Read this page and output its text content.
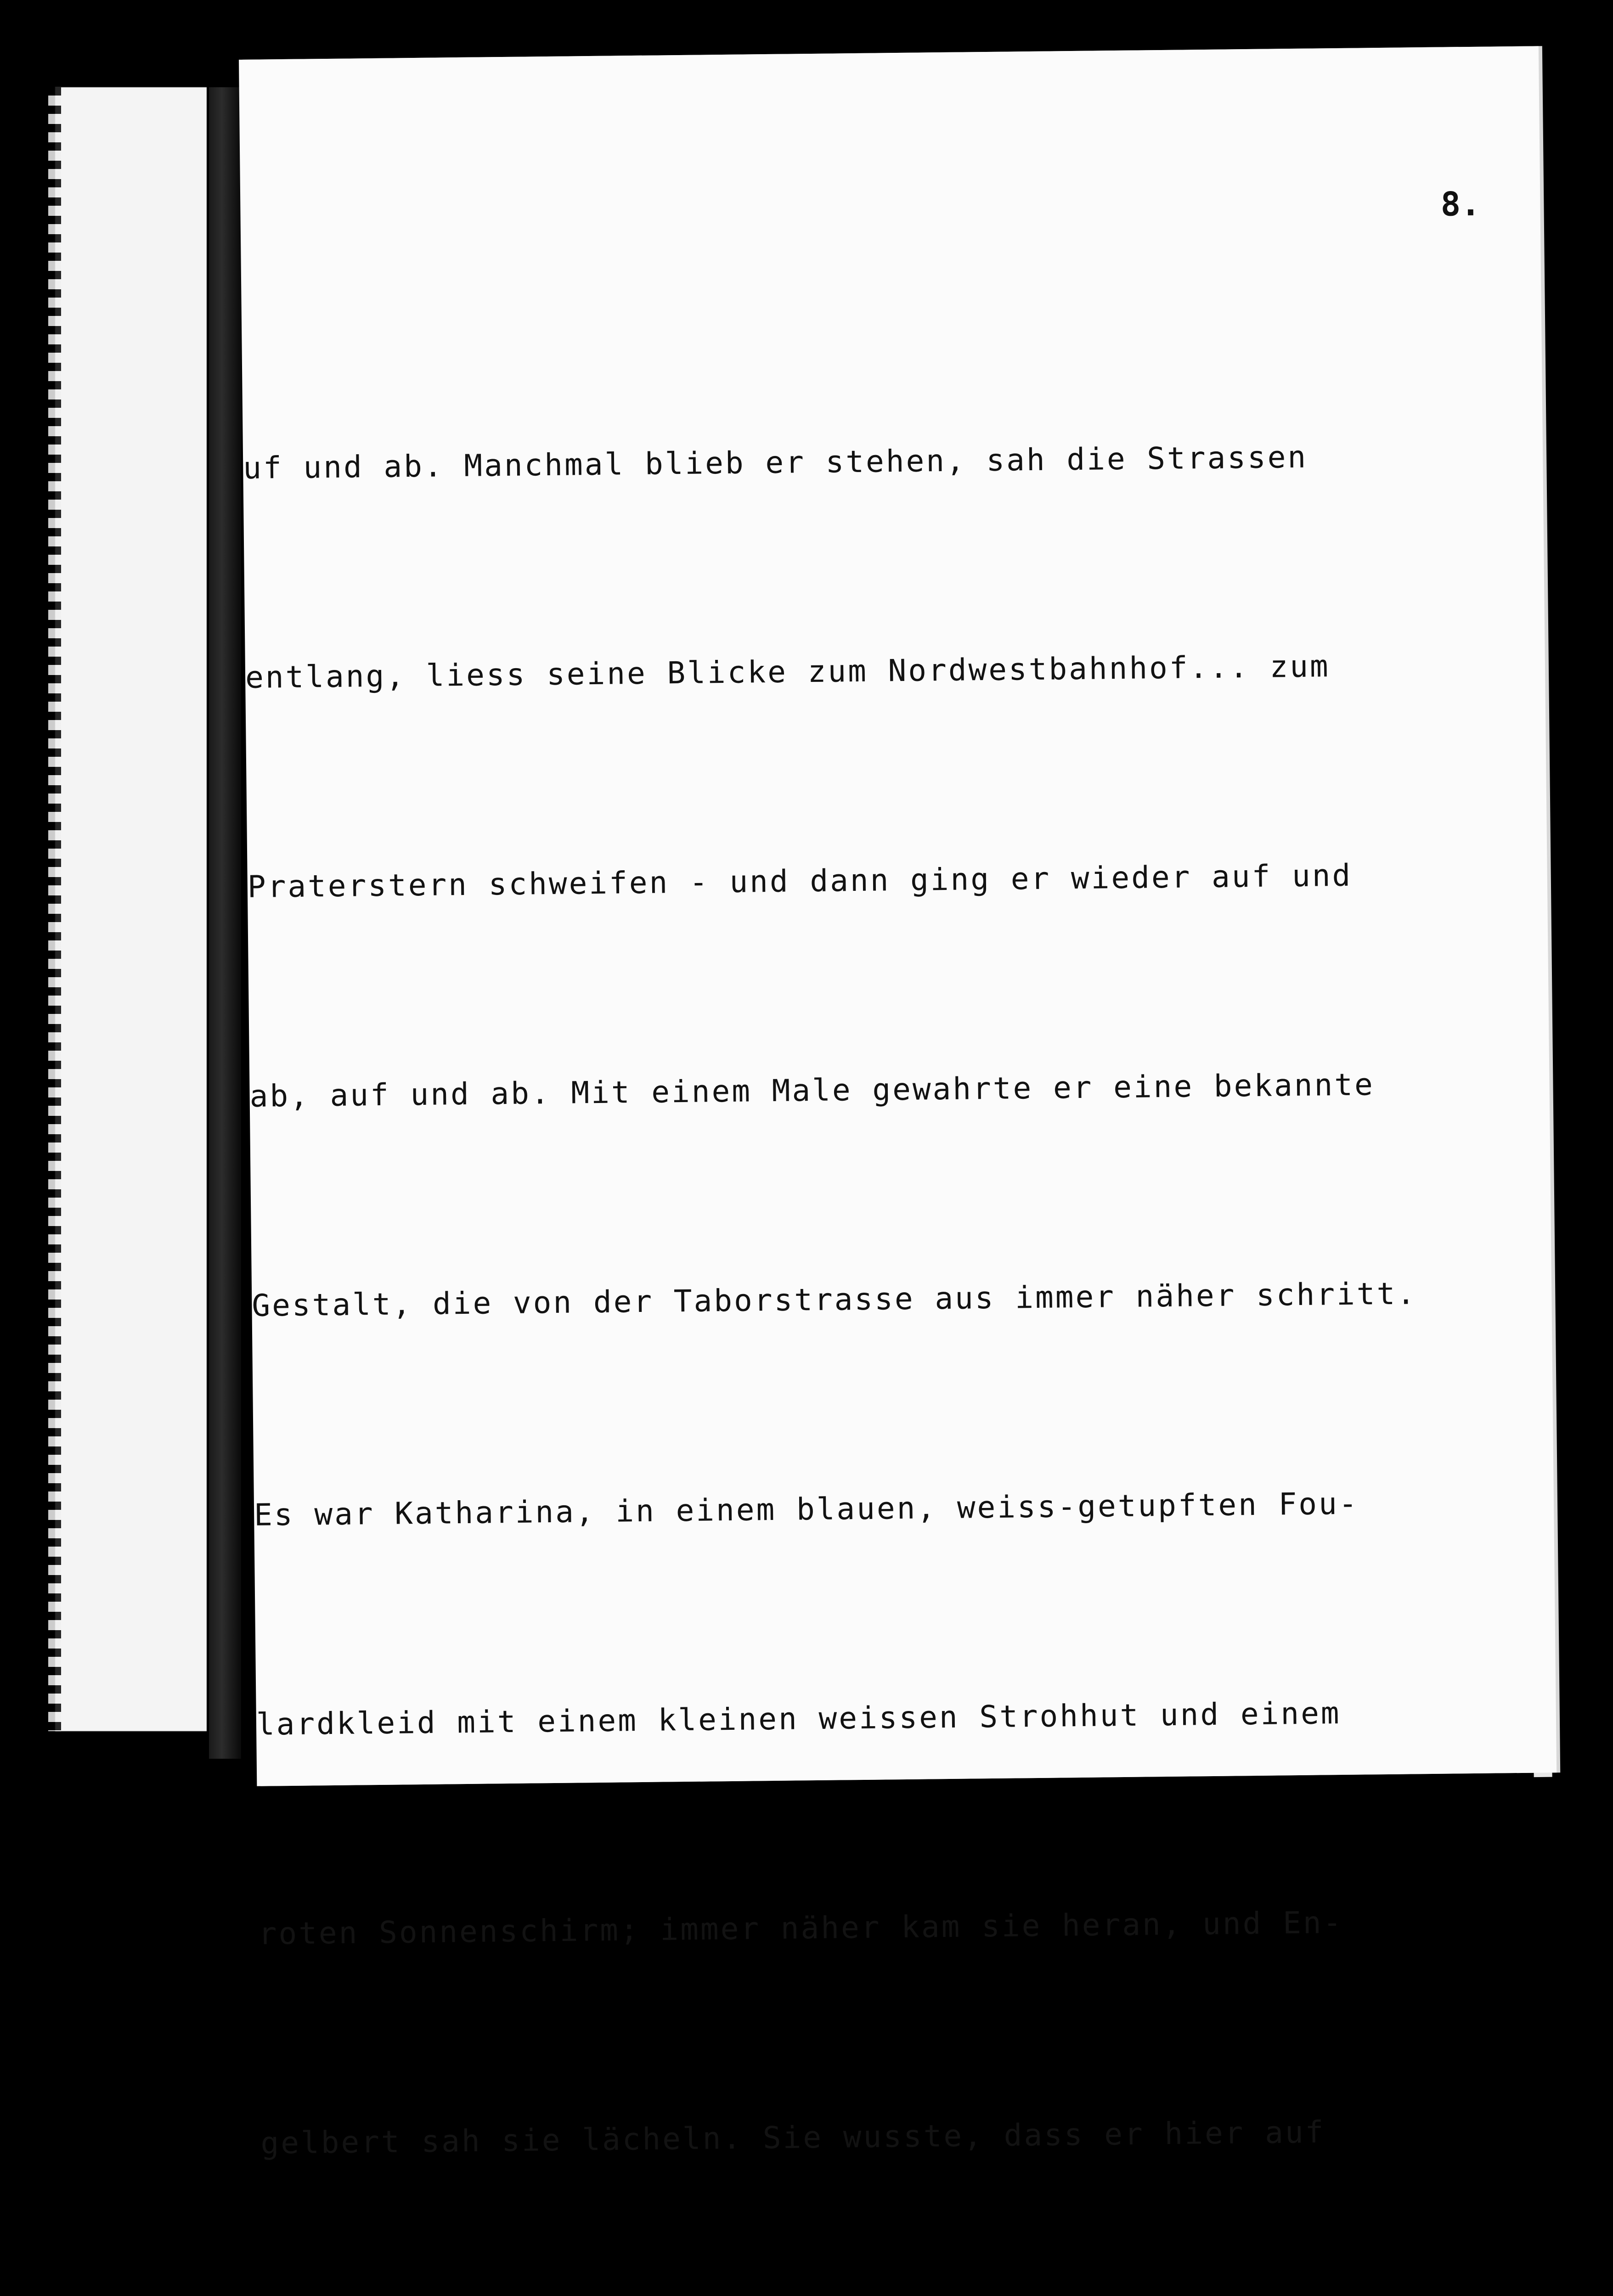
8.

uf und ab. Manchmal blieb er stehen, sah die Strassen

entlang, liess seine Blicke zum Nordwestbahnhof... zum

Praterstern schweifen - und dann ging er wieder auf und

ab, auf und ab. Mit einem Male gewahrte er eine bekannte

Gestalt, die von der Taborstrasse aus immer näher schritt.

Es war Katharina, in einem blauen, weiss-getupften Fou-

lardkleid mit einem kleinen weissen Strohhut und einem

roten Sonnenschirm; immer näher kam sie heran, und En-

gelbert sah sie lächeln. Sie wusste, dass er hier auf
